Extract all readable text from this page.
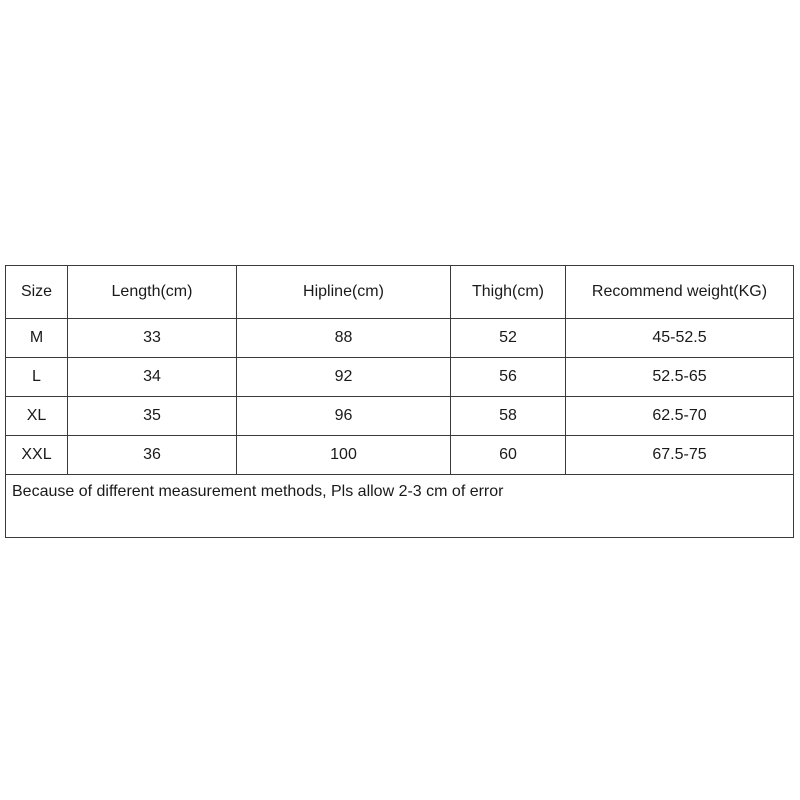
Size	Length(cm)	Hipline(cm)	Thigh(cm)	Recommend weight(KG)
M	33	88	52	45-52.5
L	34	92	56	52.5-65
XL	35	96	58	62.5-70
XXL	36	100	60	67.5-75
Because of different measurement methods, Pls allow 2-3 cm of error				
